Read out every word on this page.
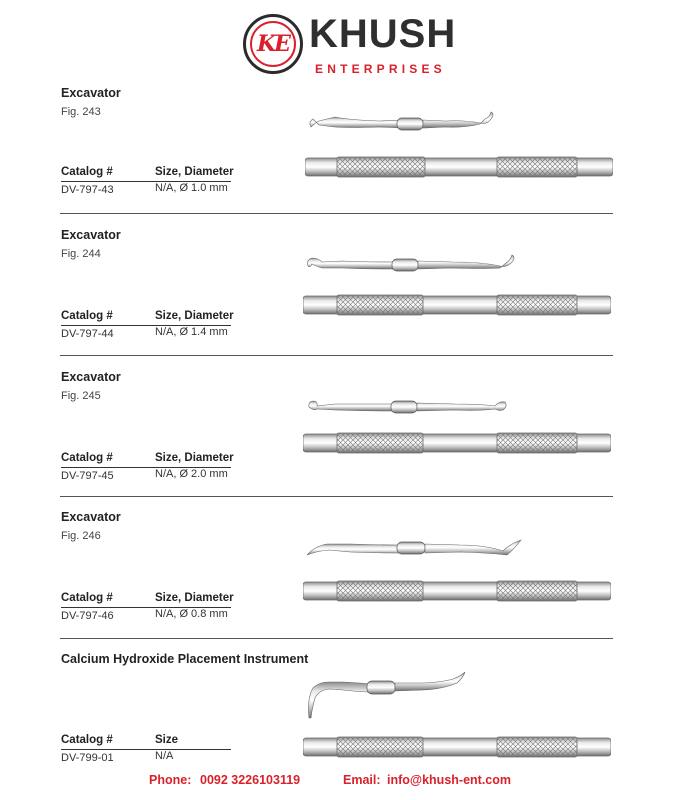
KE KHUSH
ENTERPRISES
Excavator
Fig. 243
Catalog #	Size, Diameter
DV-797-43	N/A, Ø 1.0 mm
Excavator
Fig. 244
Catalog #	Size, Diameter
DV-797-44	N/A, Ø 1.4 mm
Excavator
Fig. 245
Catalog #	Size, Diameter
DV-797-45	N/A, Ø 2.0 mm
Excavator
Fig. 246
Catalog #	Size, Diameter
DV-797-46	N/A, Ø 0.8 mm
Calcium Hydroxide Placement Instrument
Catalog #	Size
DV-799-01	N/A
Phone: 0092 3226103119	Email: info@khush-ent.com
